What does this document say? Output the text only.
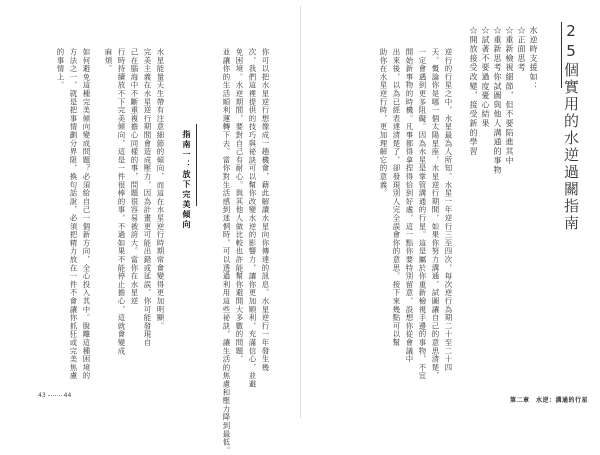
25個實用的水逆過關指南
水逆時支援如：
☆正面思考
☆重新檢視細節，但不要陷進其中
☆重新思考你試圖與他人溝通的事物
☆試著不要過度憂心結果
☆開放接受改變，接受新的學習
逆行的行星之中，水星最為人所知。水星一年逆行三至四次，每次逆行為期二十至二十四
天。慨論你是哪一個太陽星座，水星逆行期間，如果你努力溝通，試圖讓自己的意思清楚，
一定會遇到更多阻礙。因為水星是掌管溝通的行星。這是屬於你重新檢視手邊的事物，不宜
開始新事物的時機。凡事都得拿捏得恰到好處，這一點你要特別留意，設想你從會議中
出來後，以為已經表達清楚了，卻發現別人完全誤會你的意思。接下來幾點可以幫
助你在水星逆行時，更加理解它的意義。
你可以把水星逆行想像成一趟機會，藉此解讀水星向你傳達的訊息。水星逆行一年發生幾
次，我們這裡提供的技巧與祕訣可以幫你改變水逆的影響力，讓你更加順利，充滿信心，並避
免困境。水逆期間，要對自己有耐心。與其他人做比較也許能幫你避開大多數的問題，
並讓你的生活順利運轉下去。當你對生活感到迷惘時，可以透過利用這些祕訣，讓生活的焦慮和壓力降到最低。
指南一：放下完美傾向
水星能量天生帶有注意細節的傾向，而這在水星逆行時期常會變得更加明顯。
完美主義在水星逆行期間會造成壓力，因為計畫更可能出錯或延誤，你可能發現自
己在腦海中不斷重複擔心同樣的事，問題很容易被誇大。當你在水星逆
行時持續放不下完美傾向，這是一件很棒的事，不過如果不能停止擔心，這就會變成
麻煩。
如何避免這種完美傾向變成問題？必須給自己一個新方向，全心投入其中。脫離這種困境的
方法之一，就是把事情劃分界限，換句話說，必須把精力放在一件不會讓你抓狂或完美焦慮
的事情上。
第二章　水逆：溝通的行星
43	44
